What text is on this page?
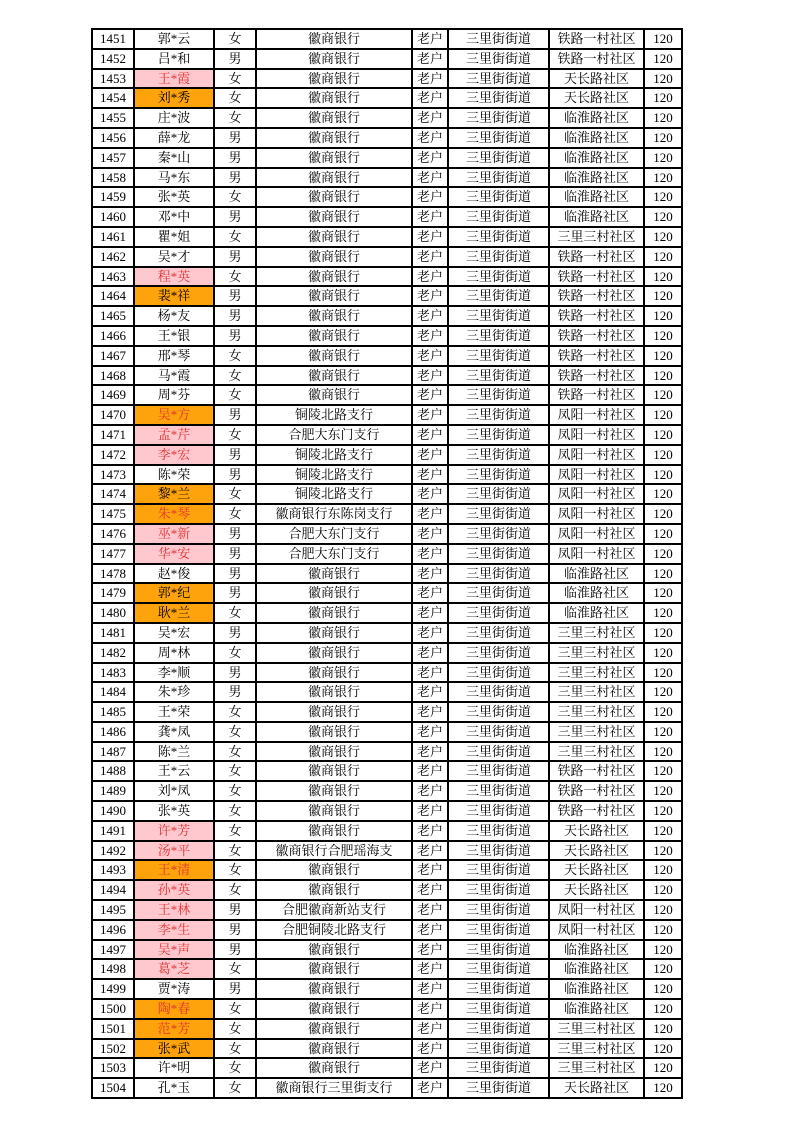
1451	郭*云	女	徽商银行	老户	三里街街道	铁路一村社区	120
1452	吕*和	男	徽商银行	老户	三里街街道	铁路一村社区	120
1453	王*霞	女	徽商银行	老户	三里街街道	天长路社区	120
1454	刘*秀	女	徽商银行	老户	三里街街道	天长路社区	120
1455	庄*波	女	徽商银行	老户	三里街街道	临淮路社区	120
1456	薛*龙	男	徽商银行	老户	三里街街道	临淮路社区	120
1457	秦*山	男	徽商银行	老户	三里街街道	临淮路社区	120
1458	马*东	男	徽商银行	老户	三里街街道	临淮路社区	120
1459	张*英	女	徽商银行	老户	三里街街道	临淮路社区	120
1460	邓*中	男	徽商银行	老户	三里街街道	临淮路社区	120
1461	瞿*姐	女	徽商银行	老户	三里街街道	三里三村社区	120
1462	吴*才	男	徽商银行	老户	三里街街道	铁路一村社区	120
1463	程*英	女	徽商银行	老户	三里街街道	铁路一村社区	120
1464	裴*祥	男	徽商银行	老户	三里街街道	铁路一村社区	120
1465	杨*友	男	徽商银行	老户	三里街街道	铁路一村社区	120
1466	王*银	男	徽商银行	老户	三里街街道	铁路一村社区	120
1467	邢*琴	女	徽商银行	老户	三里街街道	铁路一村社区	120
1468	马*霞	女	徽商银行	老户	三里街街道	铁路一村社区	120
1469	周*芬	女	徽商银行	老户	三里街街道	铁路一村社区	120
1470	吴*方	男	铜陵北路支行	老户	三里街街道	凤阳一村社区	120
1471	孟*芹	女	合肥大东门支行	老户	三里街街道	凤阳一村社区	120
1472	李*宏	男	铜陵北路支行	老户	三里街街道	凤阳一村社区	120
1473	陈*荣	男	铜陵北路支行	老户	三里街街道	凤阳一村社区	120
1474	黎*兰	女	铜陵北路支行	老户	三里街街道	凤阳一村社区	120
1475	朱*琴	女	徽商银行东陈岗支行	老户	三里街街道	凤阳一村社区	120
1476	巫*新	男	合肥大东门支行	老户	三里街街道	凤阳一村社区	120
1477	华*安	男	合肥大东门支行	老户	三里街街道	凤阳一村社区	120
1478	赵*俊	男	徽商银行	老户	三里街街道	临淮路社区	120
1479	郭*纪	男	徽商银行	老户	三里街街道	临淮路社区	120
1480	耿*兰	女	徽商银行	老户	三里街街道	临淮路社区	120
1481	吴*宏	男	徽商银行	老户	三里街街道	三里三村社区	120
1482	周*林	女	徽商银行	老户	三里街街道	三里三村社区	120
1483	李*顺	男	徽商银行	老户	三里街街道	三里三村社区	120
1484	朱*珍	男	徽商银行	老户	三里街街道	三里三村社区	120
1485	王*荣	女	徽商银行	老户	三里街街道	三里三村社区	120
1486	龚*凤	女	徽商银行	老户	三里街街道	三里三村社区	120
1487	陈*兰	女	徽商银行	老户	三里街街道	三里三村社区	120
1488	王*云	女	徽商银行	老户	三里街街道	铁路一村社区	120
1489	刘*凤	女	徽商银行	老户	三里街街道	铁路一村社区	120
1490	张*英	女	徽商银行	老户	三里街街道	铁路一村社区	120
1491	许*芳	女	徽商银行	老户	三里街街道	天长路社区	120
1492	汤*平	女	徽商银行合肥瑶海支	老户	三里街街道	天长路社区	120
1493	王*清	女	徽商银行	老户	三里街街道	天长路社区	120
1494	孙*英	女	徽商银行	老户	三里街街道	天长路社区	120
1495	王*林	男	合肥徽商新站支行	老户	三里街街道	凤阳一村社区	120
1496	李*生	男	合肥铜陵北路支行	老户	三里街街道	凤阳一村社区	120
1497	吴*声	男	徽商银行	老户	三里街街道	临淮路社区	120
1498	葛*芝	女	徽商银行	老户	三里街街道	临淮路社区	120
1499	贾*涛	男	徽商银行	老户	三里街街道	临淮路社区	120
1500	陶*春	女	徽商银行	老户	三里街街道	临淮路社区	120
1501	范*芳	女	徽商银行	老户	三里街街道	三里三村社区	120
1502	张*武	女	徽商银行	老户	三里街街道	三里三村社区	120
1503	许*明	女	徽商银行	老户	三里街街道	三里三村社区	120
1504	孔*玉	女	徽商银行三里街支行	老户	三里街街道	天长路社区	120
